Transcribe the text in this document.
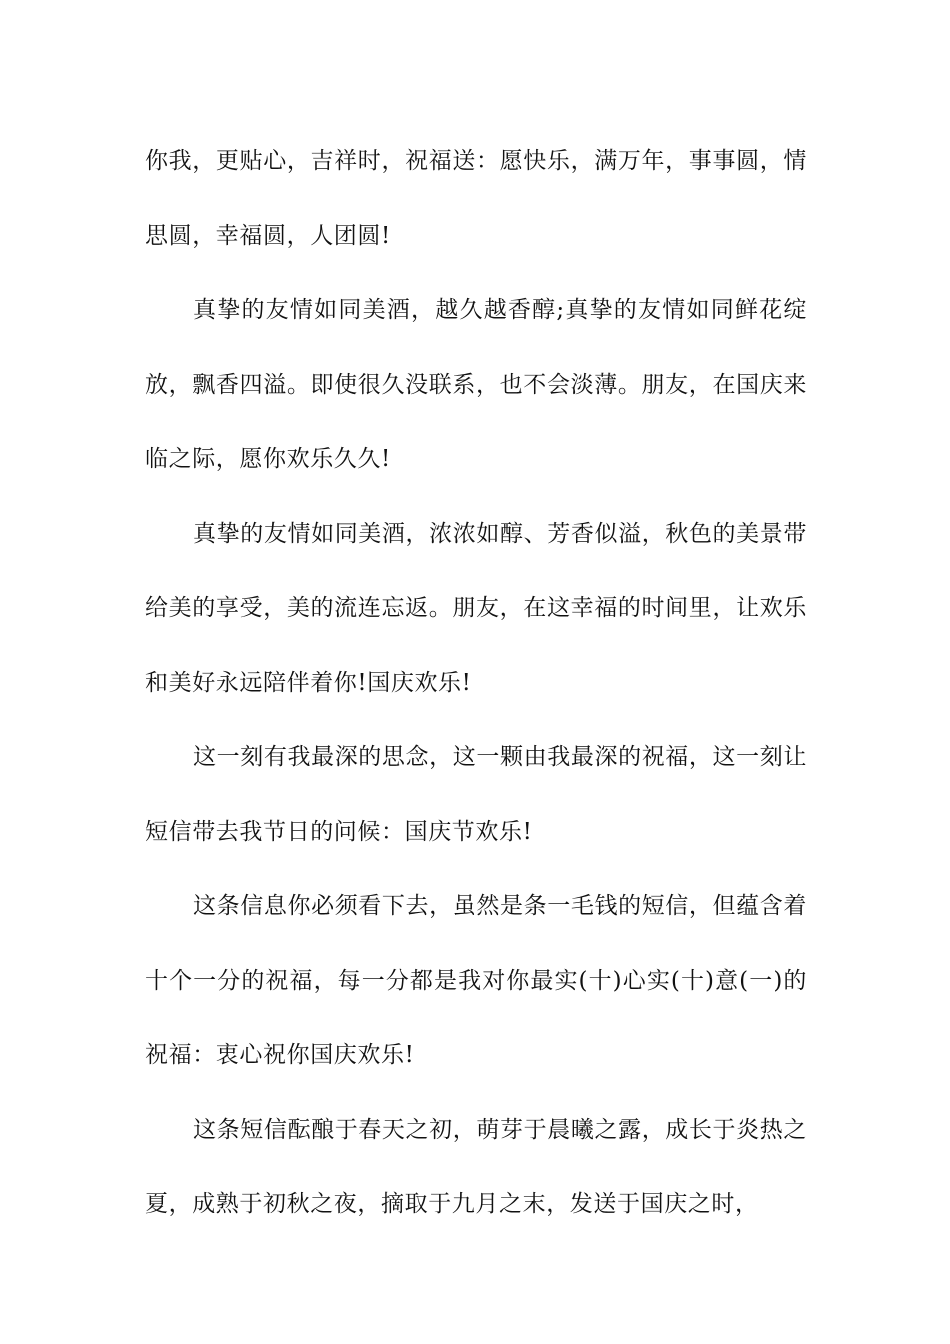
你我，更贴心，吉祥时，祝福送：愿快乐，满万年，事事圆，情思圆，幸福圆，人团圆!

真挚的友情如同美酒，越久越香醇;真挚的友情如同鲜花绽放，飘香四溢。即使很久没联系，也不会淡薄。朋友，在国庆来临之际，愿你欢乐久久!

真挚的友情如同美酒，浓浓如醇、芳香似溢，秋色的美景带给美的享受，美的流连忘返。朋友，在这幸福的时间里，让欢乐和美好永远陪伴着你!国庆欢乐!

这一刻有我最深的思念，这一颗由我最深的祝福，这一刻让短信带去我节日的问候：国庆节欢乐!

这条信息你必须看下去，虽然是条一毛钱的短信，但蕴含着十个一分的祝福，每一分都是我对你最实(十)心实(十)意(一)的祝福：衷心祝你国庆欢乐!

这条短信酝酿于春天之初，萌芽于晨曦之露，成长于炎热之夏，成熟于初秋之夜，摘取于九月之末，发送于国庆之时，
